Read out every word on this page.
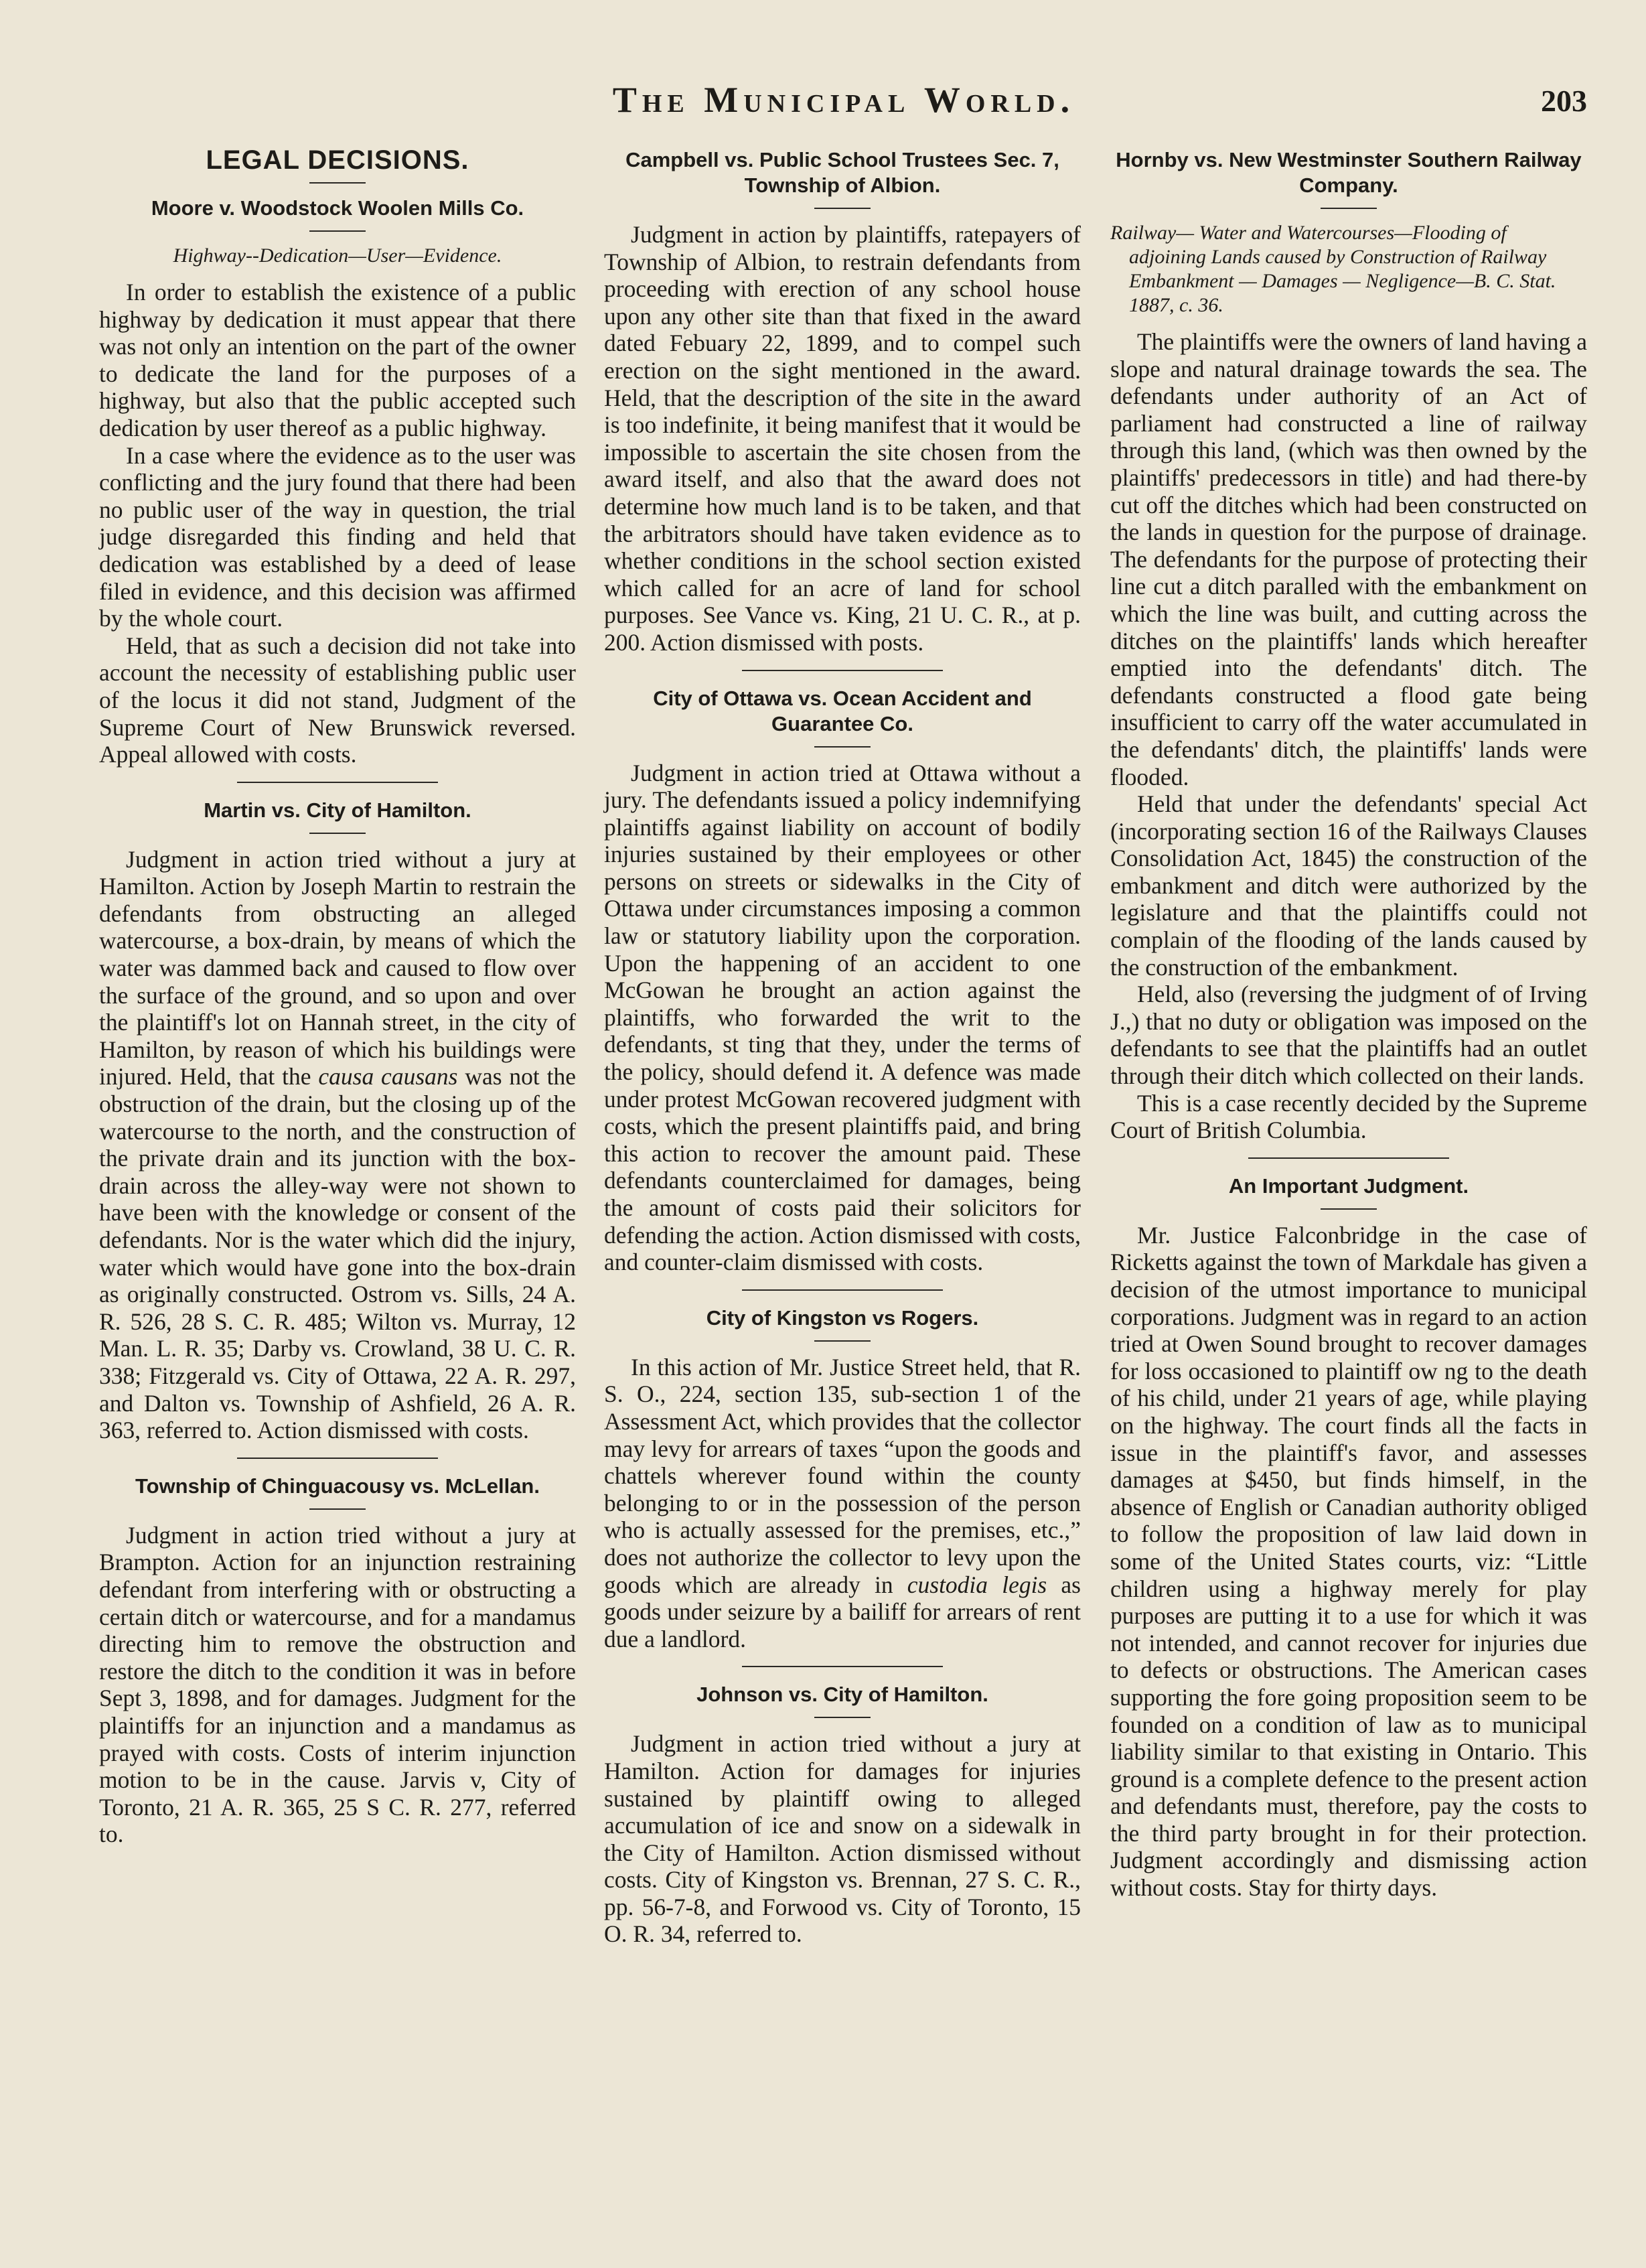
The Municipal World.	203
LEGAL DECISIONS.
Moore v. Woodstock Woolen Mills Co.

Highway--Dedication—User—Evidence.

In order to establish the existence of a public highway by dedication it must appear that there was not only an intention on the part of the owner to dedicate the land for the purposes of a highway, but also that the public accepted such dedication by user thereof as a public highway.

In a case where the evidence as to the user was conflicting and the jury found that there had been no public user of the way in question, the trial judge disregarded this finding and held that dedication was established by a deed of lease filed in evidence, and this decision was affirmed by the whole court.

Held, that as such a decision did not take into account the necessity of establishing public user of the locus it did not stand, Judgment of the Supreme Court of New Brunswick reversed. Appeal allowed with costs.

Martin vs. City of Hamilton.

Judgment in action tried without a jury at Hamilton. Action by Joseph Martin to restrain the defendants from obstructing an alleged watercourse, a box-drain, by means of which the water was dammed back and caused to flow over the surface of the ground, and so upon and over the plaintiff's lot on Hannah street, in the city of Hamilton, by reason of which his buildings were injured. Held, that the causa causans was not the obstruction of the drain, but the closing up of the watercourse to the north, and the construction of the private drain and its junction with the box-drain across the alley-way were not shown to have been with the knowledge or consent of the defendants. Nor is the water which did the injury, water which would have gone into the box-drain as originally constructed. Ostrom vs. Sills, 24 A. R. 526, 28 S. C. R. 485; Wilton vs. Murray, 12 Man. L. R. 35; Darby vs. Crowland, 38 U. C. R. 338; Fitzgerald vs. City of Ottawa, 22 A. R. 297, and Dalton vs. Township of Ashfield, 26 A. R. 363, referred to. Action dismissed with costs.

Township of Chinguacousy vs. McLellan.

Judgment in action tried without a jury at Brampton. Action for an injunction restraining defendant from interfering with or obstructing a certain ditch or watercourse, and for a mandamus directing him to remove the obstruction and restore the ditch to the condition it was in before Sept 3, 1898, and for damages. Judgment for the plaintiffs for an injunction and a mandamus as prayed with costs. Costs of interim injunction motion to be in the cause. Jarvis v, City of Toronto, 21 A. R. 365, 25 S C. R. 277, referred to.

Campbell vs. Public School Trustees Sec. 7, Township of Albion.

Judgment in action by plaintiffs, ratepayers of Township of Albion, to restrain defendants from proceeding with erection of any school house upon any other site than that fixed in the award dated Febuary 22, 1899, and to compel such erection on the sight mentioned in the award. Held, that the description of the site in the award is too indefinite, it being manifest that it would be impossible to ascertain the site chosen from the award itself, and also that the award does not determine how much land is to be taken, and that the arbitrators should have taken evidence as to whether conditions in the school section existed which called for an acre of land for school purposes. See Vance vs. King, 21 U. C. R., at p. 200. Action dismissed with posts.

City of Ottawa vs. Ocean Accident and Guarantee Co.

Judgment in action tried at Ottawa without a jury. The defendants issued a policy indemnifying plaintiffs against liability on account of bodily injuries sustained by their employees or other persons on streets or sidewalks in the City of Ottawa under circumstances imposing a common law or statutory liability upon the corporation. Upon the happening of an accident to one McGowan he brought an action against the plaintiffs, who forwarded the writ to the defendants, st ting that they, under the terms of the policy, should defend it. A defence was made under protest McGowan recovered judgment with costs, which the present plaintiffs paid, and bring this action to recover the amount paid. These defendants counterclaimed for damages, being the amount of costs paid their solicitors for defending the action. Action dismissed with costs, and counter-claim dismissed with costs.

City of Kingston vs Rogers.

In this action of Mr. Justice Street held, that R. S. O., 224, section 135, sub-section 1 of the Assessment Act, which provides that the collector may levy for arrears of taxes “upon the goods and chattels wherever found within the county belonging to or in the possession of the person who is actually assessed for the premises, etc.,” does not authorize the collector to levy upon the goods which are already in custodia legis as goods under seizure by a bailiff for arrears of rent due a landlord.

Johnson vs. City of Hamilton.

Judgment in action tried without a jury at Hamilton. Action for damages for injuries sustained by plaintiff owing to alleged accumulation of ice and snow on a sidewalk in the City of Hamilton. Action dismissed without costs. City of Kingston vs. Brennan, 27 S. C. R., pp. 56-7-8, and Forwood vs. City of Toronto, 15 O. R. 34, referred to.

Hornby vs. New Westminster Southern Railway Company.

Railway— Water and Watercourses—Flooding of adjoining Lands caused by Construction of Railway Embankment — Damages — Negligence—B. C. Stat. 1887, c. 36.

The plaintiffs were the owners of land having a slope and natural drainage towards the sea. The defendants under authority of an Act of parliament had constructed a line of railway through this land, (which was then owned by the plaintiffs' predecessors in title) and had there-by cut off the ditches which had been constructed on the lands in question for the purpose of drainage. The defendants for the purpose of protecting their line cut a ditch paralled with the embankment on which the line was built, and cutting across the ditches on the plaintiffs' lands which hereafter emptied into the defendants' ditch. The defendants constructed a flood gate being insufficient to carry off the water accumulated in the defendants' ditch, the plaintiffs' lands were flooded.

Held that under the defendants' special Act (incorporating section 16 of the Railways Clauses Consolidation Act, 1845) the construction of the embankment and ditch were authorized by the legislature and that the plaintiffs could not complain of the flooding of the lands caused by the construction of the embankment.

Held, also (reversing the judgment of of Irving J.,) that no duty or obligation was imposed on the defendants to see that the plaintiffs had an outlet through their ditch which collected on their lands.

This is a case recently decided by the Supreme Court of British Columbia.

An Important Judgment.

Mr. Justice Falconbridge in the case of Ricketts against the town of Markdale has given a decision of the utmost importance to municipal corporations. Judgment was in regard to an action tried at Owen Sound brought to recover damages for loss occasioned to plaintiff ow ng to the death of his child, under 21 years of age, while playing on the highway. The court finds all the facts in issue in the plaintiff's favor, and assesses damages at $450, but finds himself, in the absence of English or Canadian authority obliged to follow the proposition of law laid down in some of the United States courts, viz: “Little children using a highway merely for play purposes are putting it to a use for which it was not intended, and cannot recover for injuries due to defects or obstructions. The American cases supporting the fore going proposition seem to be founded on a condition of law as to municipal liability similar to that existing in Ontario. This ground is a complete defence to the present action and defendants must, therefore, pay the costs to the third party brought in for their protection. Judgment accordingly and dismissing action without costs. Stay for thirty days.
